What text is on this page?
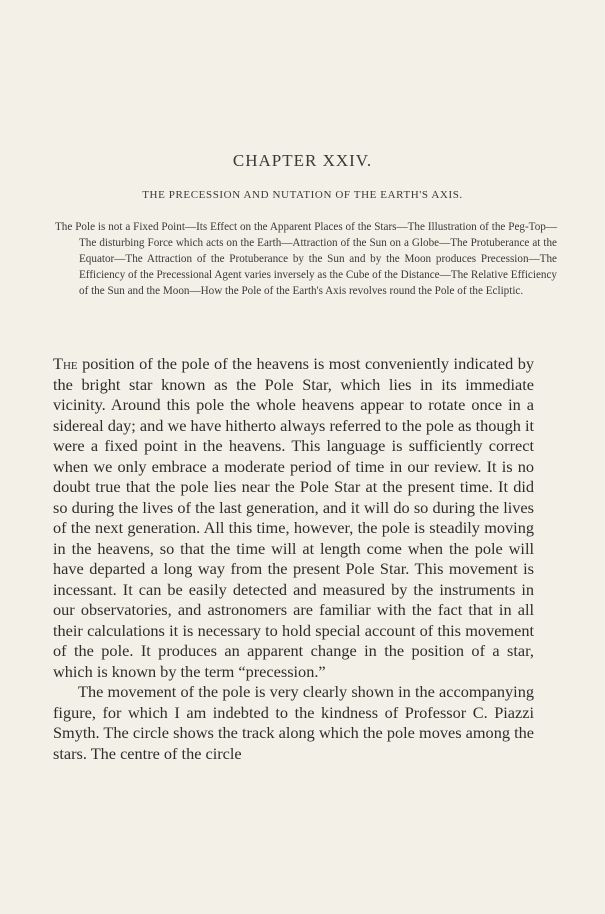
CHAPTER XXIV.
THE PRECESSION AND NUTATION OF THE EARTH'S AXIS.

The Pole is not a Fixed Point—Its Effect on the Apparent Places of the Stars—The Illustration of the Peg-Top—The disturbing Force which acts on the Earth—Attraction of the Sun on a Globe—The Protuberance at the Equator—The Attraction of the Protuberance by the Sun and by the Moon produces Precession—The Efficiency of the Precessional Agent varies inversely as the Cube of the Distance—The Relative Efficiency of the Sun and the Moon—How the Pole of the Earth's Axis revolves round the Pole of the Ecliptic.

The position of the pole of the heavens is most conveniently indicated by the bright star known as the Pole Star, which lies in its immediate vicinity. Around this pole the whole heavens appear to rotate once in a sidereal day; and we have hitherto always referred to the pole as though it were a fixed point in the heavens. This language is sufficiently correct when we only embrace a moderate period of time in our review. It is no doubt true that the pole lies near the Pole Star at the present time. It did so during the lives of the last generation, and it will do so during the lives of the next generation. All this time, however, the pole is steadily moving in the heavens, so that the time will at length come when the pole will have departed a long way from the present Pole Star. This movement is incessant. It can be easily detected and measured by the instruments in our observatories, and astronomers are familiar with the fact that in all their calculations it is necessary to hold special account of this movement of the pole. It produces an apparent change in the position of a star, which is known by the term “precession.”

The movement of the pole is very clearly shown in the accompanying figure, for which I am indebted to the kindness of Professor C. Piazzi Smyth. The circle shows the track along which the pole moves among the stars. The centre of the circle
